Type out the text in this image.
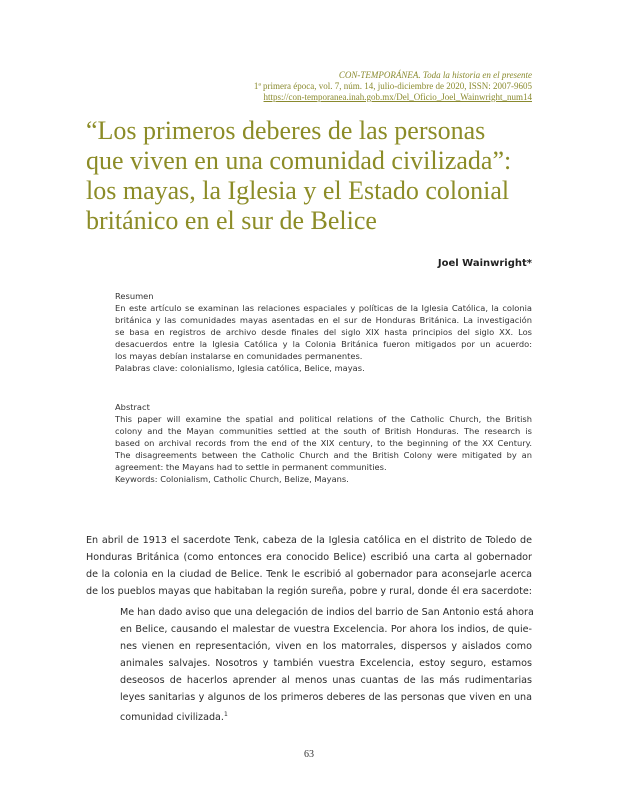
CON-TEMPORÁNEA. Toda la historia en el presente
1ª primera época, vol. 7, núm. 14, julio-diciembre de 2020, ISSN: 2007-9605
https://con-temporanea.inah.gob.mx/Del_Oficio_Joel_Wainwright_num14
“Los primeros deberes de las personas
que viven en una comunidad civilizada”:
los mayas, la Iglesia y el Estado colonial
británico en el sur de Belice
Joel Wainwright*
Resumen
En este artículo se examinan las relaciones espaciales y políticas de la Iglesia Católica, la colonia
británica y las comunidades mayas asentadas en el sur de Honduras Británica. La investigación
se basa en registros de archivo desde finales del siglo XIX hasta principios del siglo XX. Los
desacuerdos entre la Iglesia Católica y la Colonia Británica fueron mitigados por un acuerdo:
los mayas debían instalarse en comunidades permanentes.
Palabras clave: colonialismo, Iglesia católica, Belice, mayas.
Abstract
This paper will examine the spatial and political relations of the Catholic Church, the British
colony and the Mayan communities settled at the south of British Honduras. The research is
based on archival records from the end of the XIX century, to the beginning of the XX Century.
The disagreements between the Catholic Church and the British Colony were mitigated by an
agreement: the Mayans had to settle in permanent communities.
Keywords: Colonialism, Catholic Church, Belize, Mayans.
En abril de 1913 el sacerdote Tenk, cabeza de la Iglesia católica en el distrito de Toledo de
Honduras Británica (como entonces era conocido Belice) escribió una carta al gobernador
de la colonia en la ciudad de Belice. Tenk le escribió al gobernador para aconsejarle acerca
de los pueblos mayas que habitaban la región sureña, pobre y rural, donde él era sacerdote:
Me han dado aviso que una delegación de indios del barrio de San Antonio está ahora
en Belice, causando el malestar de vuestra Excelencia. Por ahora los indios, de quie-
nes vienen en representación, viven en los matorrales, dispersos y aislados como
animales salvajes. Nosotros y también vuestra Excelencia, estoy seguro, estamos
deseosos de hacerlos aprender al menos unas cuantas de las más rudimentarias
leyes sanitarias y algunos de los primeros deberes de las personas que viven en una
comunidad civilizada.$^1$
63
